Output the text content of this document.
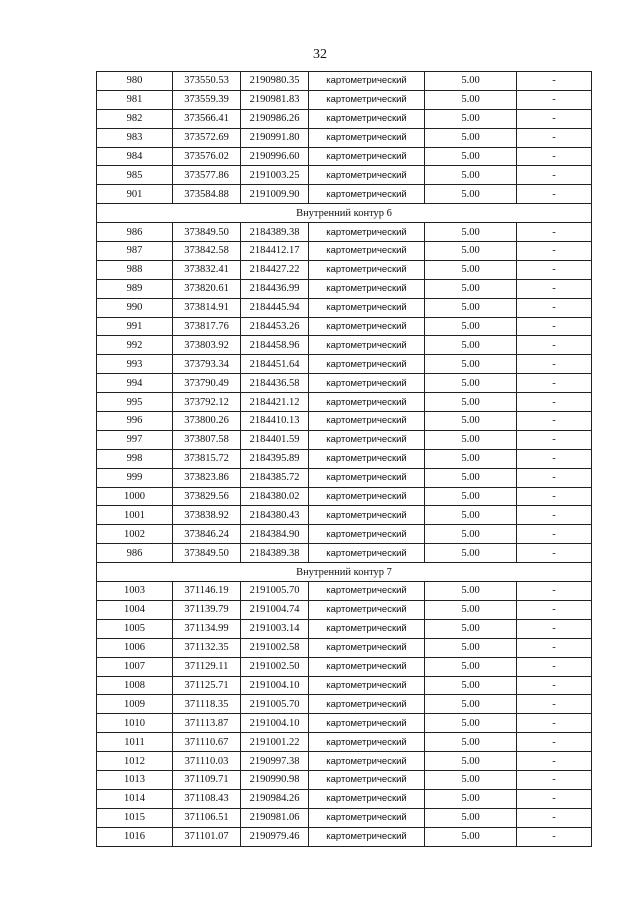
32
980	373550.53	2190980.35	картометрический	5.00	-
981	373559.39	2190981.83	картометрический	5.00	-
982	373566.41	2190986.26	картометрический	5.00	-
983	373572.69	2190991.80	картометрический	5.00	-
984	373576.02	2190996.60	картометрический	5.00	-
985	373577.86	2191003.25	картометрический	5.00	-
901	373584.88	2191009.90	картометрический	5.00	-
Внутренний контур 6					
986	373849.50	2184389.38	картометрический	5.00	-
987	373842.58	2184412.17	картометрический	5.00	-
988	373832.41	2184427.22	картометрический	5.00	-
989	373820.61	2184436.99	картометрический	5.00	-
990	373814.91	2184445.94	картометрический	5.00	-
991	373817.76	2184453.26	картометрический	5.00	-
992	373803.92	2184458.96	картометрический	5.00	-
993	373793.34	2184451.64	картометрический	5.00	-
994	373790.49	2184436.58	картометрический	5.00	-
995	373792.12	2184421.12	картометрический	5.00	-
996	373800.26	2184410.13	картометрический	5.00	-
997	373807.58	2184401.59	картометрический	5.00	-
998	373815.72	2184395.89	картометрический	5.00	-
999	373823.86	2184385.72	картометрический	5.00	-
1000	373829.56	2184380.02	картометрический	5.00	-
1001	373838.92	2184380.43	картометрический	5.00	-
1002	373846.24	2184384.90	картометрический	5.00	-
986	373849.50	2184389.38	картометрический	5.00	-
Внутренний контур 7					
1003	371146.19	2191005.70	картометрический	5.00	-
1004	371139.79	2191004.74	картометрический	5.00	-
1005	371134.99	2191003.14	картометрический	5.00	-
1006	371132.35	2191002.58	картометрический	5.00	-
1007	371129.11	2191002.50	картометрический	5.00	-
1008	371125.71	2191004.10	картометрический	5.00	-
1009	371118.35	2191005.70	картометрический	5.00	-
1010	371113.87	2191004.10	картометрический	5.00	-
1011	371110.67	2191001.22	картометрический	5.00	-
1012	371110.03	2190997.38	картометрический	5.00	-
1013	371109.71	2190990.98	картометрический	5.00	-
1014	371108.43	2190984.26	картометрический	5.00	-
1015	371106.51	2190981.06	картометрический	5.00	-
1016	371101.07	2190979.46	картометрический	5.00	-
